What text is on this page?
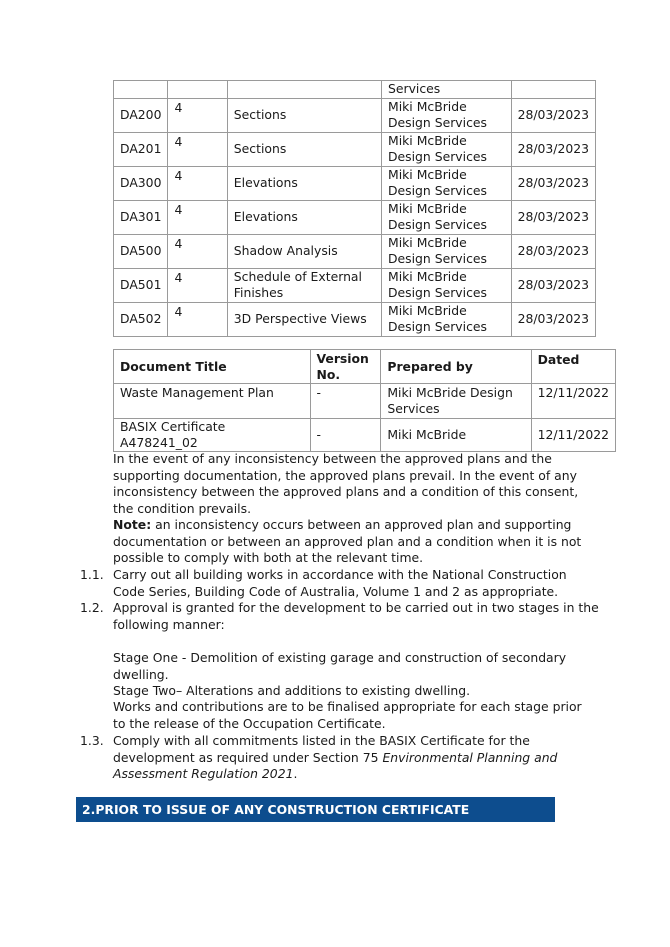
			Services	
DA200	4	Sections	Miki McBride Design Services	28/03/2023
DA201	4	Sections	Miki McBride Design Services	28/03/2023
DA300	4	Elevations	Miki McBride Design Services	28/03/2023
DA301	4	Elevations	Miki McBride Design Services	28/03/2023
DA500	4	Shadow Analysis	Miki McBride Design Services	28/03/2023
DA501	4	Schedule of External Finishes	Miki McBride Design Services	28/03/2023
DA502	4	3D Perspective Views	Miki McBride Design Services	28/03/2023
Document Title	Version No.	Prepared by	Dated
Waste Management Plan	-	Miki McBride Design Services	12/11/2022
BASIX Certificate A478241_02	-	Miki McBride	12/11/2022

In the event of any inconsistency between the approved plans and the supporting documentation, the approved plans prevail. In the event of any inconsistency between the approved plans and a condition of this consent, the condition prevails.

Note: an inconsistency occurs between an approved plan and supporting documentation or between an approved plan and a condition when it is not possible to comply with both at the relevant time.

1.1. Carry out all building works in accordance with the National Construction Code Series, Building Code of Australia, Volume 1 and 2 as appropriate.

1.2. Approval is granted for the development to be carried out in two stages in the following manner:

Stage One - Demolition of existing garage and construction of secondary dwelling.

Stage Two– Alterations and additions to existing dwelling.

Works and contributions are to be finalised appropriate for each stage prior to the release of the Occupation Certificate.

1.3. Comply with all commitments listed in the BASIX Certificate for the development as required under Section 75 Environmental Planning and Assessment Regulation 2021.

2.PRIOR TO ISSUE OF ANY CONSTRUCTION CERTIFICATE
